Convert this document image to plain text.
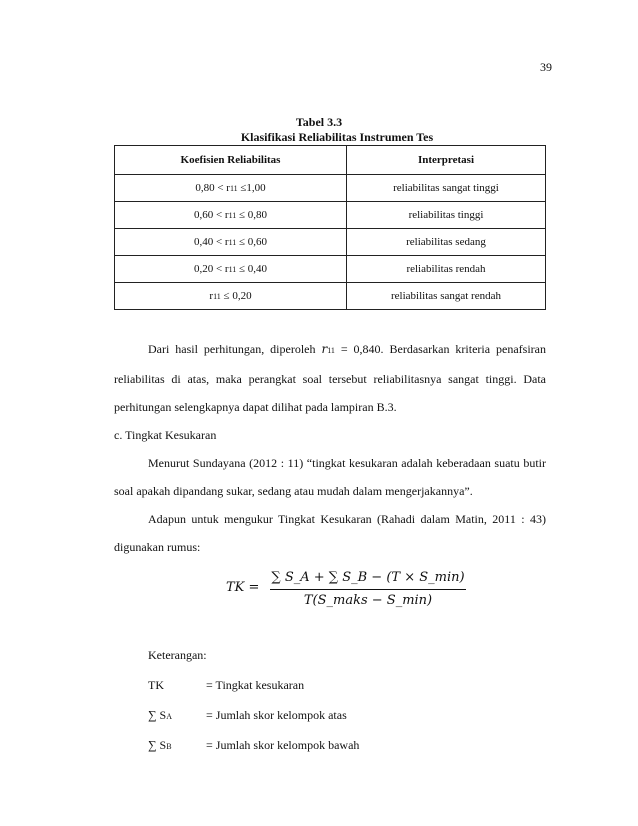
39
Tabel 3.3
Klasifikasi Reliabilitas Instrumen Tes
Koefisien Reliabilitas	Interpretasi
0,80 < r11 ≤1,00	reliabilitas sangat tinggi
0,60 < r11 ≤ 0,80	reliabilitas tinggi
0,40 < r11 ≤ 0,60	reliabilitas sedang
0,20 < r11 ≤ 0,40	reliabilitas rendah
r11 ≤ 0,20	reliabilitas sangat rendah

Dari hasil perhitungan, diperoleh r11 = 0,840. Berdasarkan kriteria penafsiran reliabilitas di atas, maka perangkat soal tersebut reliabilitasnya sangat tinggi. Data perhitungan selengkapnya dapat dilihat pada lampiran B.3.

c. Tingkat Kesukaran

Menurut Sundayana (2012 : 11) “tingkat kesukaran adalah keberadaan suatu butir soal apakah dipandang sukar, sedang atau mudah dalam mengerjakannya”.

Adapun untuk mengukur Tingkat Kesukaran (Rahadi dalam Matin, 2011 : 43) digunakan rumus:

TK =
∑ S_A + ∑ S_B − (T × S_min)
T(S_maks − S_min)
Keterangan:
TK	= Tingkat kesukaran
∑ SA	= Jumlah skor kelompok atas
∑ SB	= Jumlah skor kelompok bawah
